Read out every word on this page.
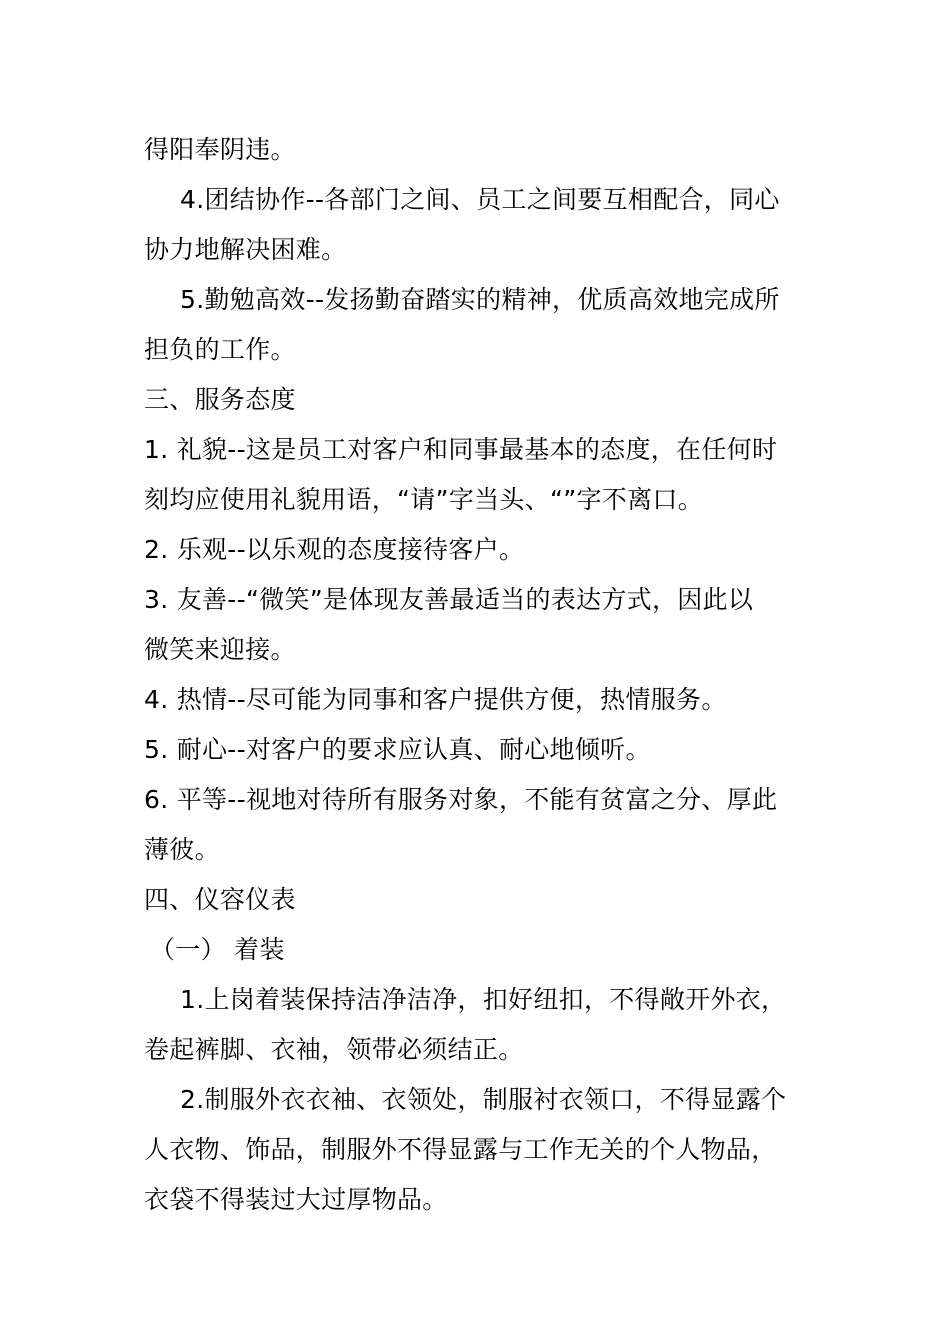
得阳奉阴违。
4.团结协作--各部门之间、员工之间要互相配合，同心
协力地解决困难。
5.勤勉高效--发扬勤奋踏实的精神，优质高效地完成所
担负的工作。
三、服务态度
1. 礼貌--这是员工对客户和同事最基本的态度，在任何时
刻均应使用礼貌用语，“请”字当头、“”字不离口。
2. 乐观--以乐观的态度接待客户。
3. 友善--“微笑”是体现友善最适当的表达方式，因此以
微笑来迎接。
4. 热情--尽可能为同事和客户提供方便，热情服务。
5. 耐心--对客户的要求应认真、耐心地倾听。
6. 平等--视地对待所有服务对象，不能有贫富之分、厚此
薄彼。
四、仪容仪表
（一） 着装
1.上岗着装保持洁净洁净，扣好纽扣，不得敞开外衣，
卷起裤脚、衣袖，领带必须结正。
2.制服外衣衣袖、衣领处，制服衬衣领口，不得显露个
人衣物、饰品，制服外不得显露与工作无关的个人物品，
衣袋不得装过大过厚物品。
